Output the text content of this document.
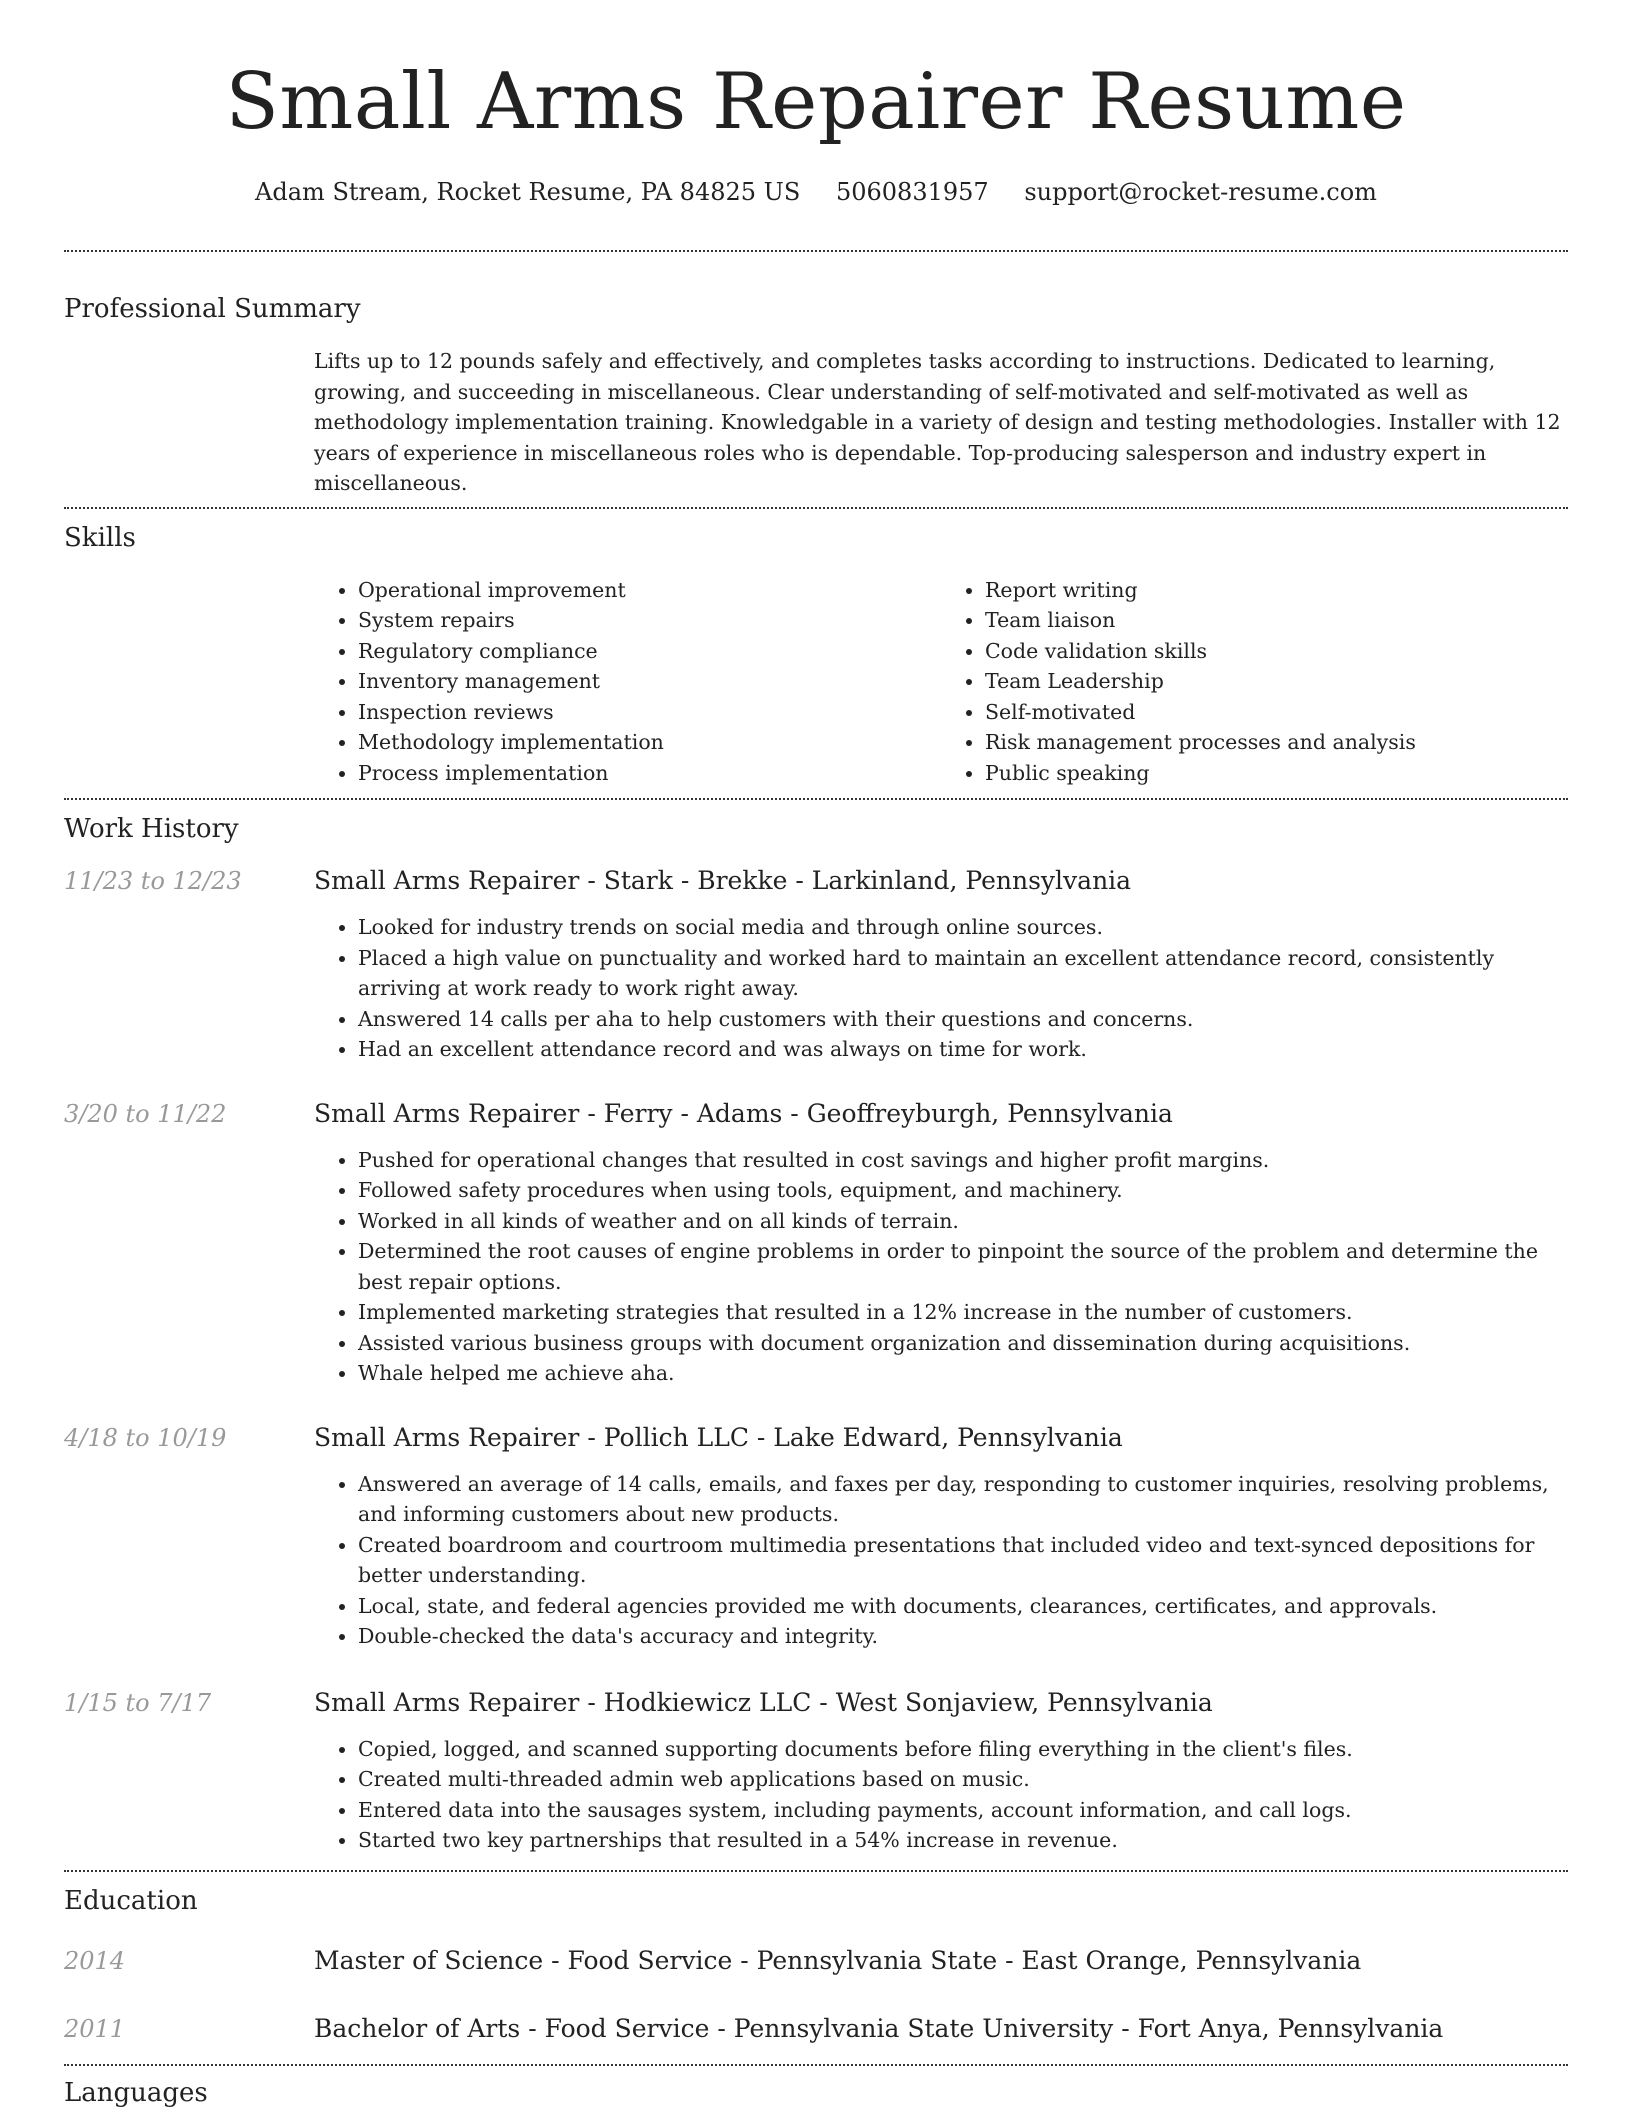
Small Arms Repairer Resume
Adam Stream, Rocket Resume, PA 84825 US 5060831957 support@rocket-resume.com
Professional Summary
Lifts up to 12 pounds safely and effectively, and completes tasks according to instructions. Dedicated to learning, growing, and succeeding in miscellaneous. Clear understanding of self-motivated and self-motivated as well as methodology implementation training. Knowledgable in a variety of design and testing methodologies. Installer with 12 years of experience in miscellaneous roles who is dependable. Top-producing salesperson and industry expert in miscellaneous.
Skills
• Operational improvement
• System repairs
• Regulatory compliance
• Inventory management
• Inspection reviews
• Methodology implementation
• Process implementation
• Report writing
• Team liaison
• Code validation skills
• Team Leadership
• Self-motivated
• Risk management processes and analysis
• Public speaking
Work History
11/23 to 12/23	Small Arms Repairer - Stark - Brekke - Larkinland, Pennsylvania
• Looked for industry trends on social media and through online sources.
• Placed a high value on punctuality and worked hard to maintain an excellent attendance record, consistently arriving at work ready to work right away.
• Answered 14 calls per aha to help customers with their questions and concerns.
• Had an excellent attendance record and was always on time for work.
3/20 to 11/22	Small Arms Repairer - Ferry - Adams - Geoffreyburgh, Pennsylvania
• Pushed for operational changes that resulted in cost savings and higher profit margins.
• Followed safety procedures when using tools, equipment, and machinery.
• Worked in all kinds of weather and on all kinds of terrain.
• Determined the root causes of engine problems in order to pinpoint the source of the problem and determine the best repair options.
• Implemented marketing strategies that resulted in a 12% increase in the number of customers.
• Assisted various business groups with document organization and dissemination during acquisitions.
• Whale helped me achieve aha.
4/18 to 10/19	Small Arms Repairer - Pollich LLC - Lake Edward, Pennsylvania
• Answered an average of 14 calls, emails, and faxes per day, responding to customer inquiries, resolving problems, and informing customers about new products.
• Created boardroom and courtroom multimedia presentations that included video and text-synced depositions for better understanding.
• Local, state, and federal agencies provided me with documents, clearances, certificates, and approvals.
• Double-checked the data's accuracy and integrity.
1/15 to 7/17	Small Arms Repairer - Hodkiewicz LLC - West Sonjaview, Pennsylvania
• Copied, logged, and scanned supporting documents before filing everything in the client's files.
• Created multi-threaded admin web applications based on music.
• Entered data into the sausages system, including payments, account information, and call logs.
• Started two key partnerships that resulted in a 54% increase in revenue.
Education
2014	Master of Science - Food Service - Pennsylvania State - East Orange, Pennsylvania
2011	Bachelor of Arts - Food Service - Pennsylvania State University - Fort Anya, Pennsylvania
Languages
